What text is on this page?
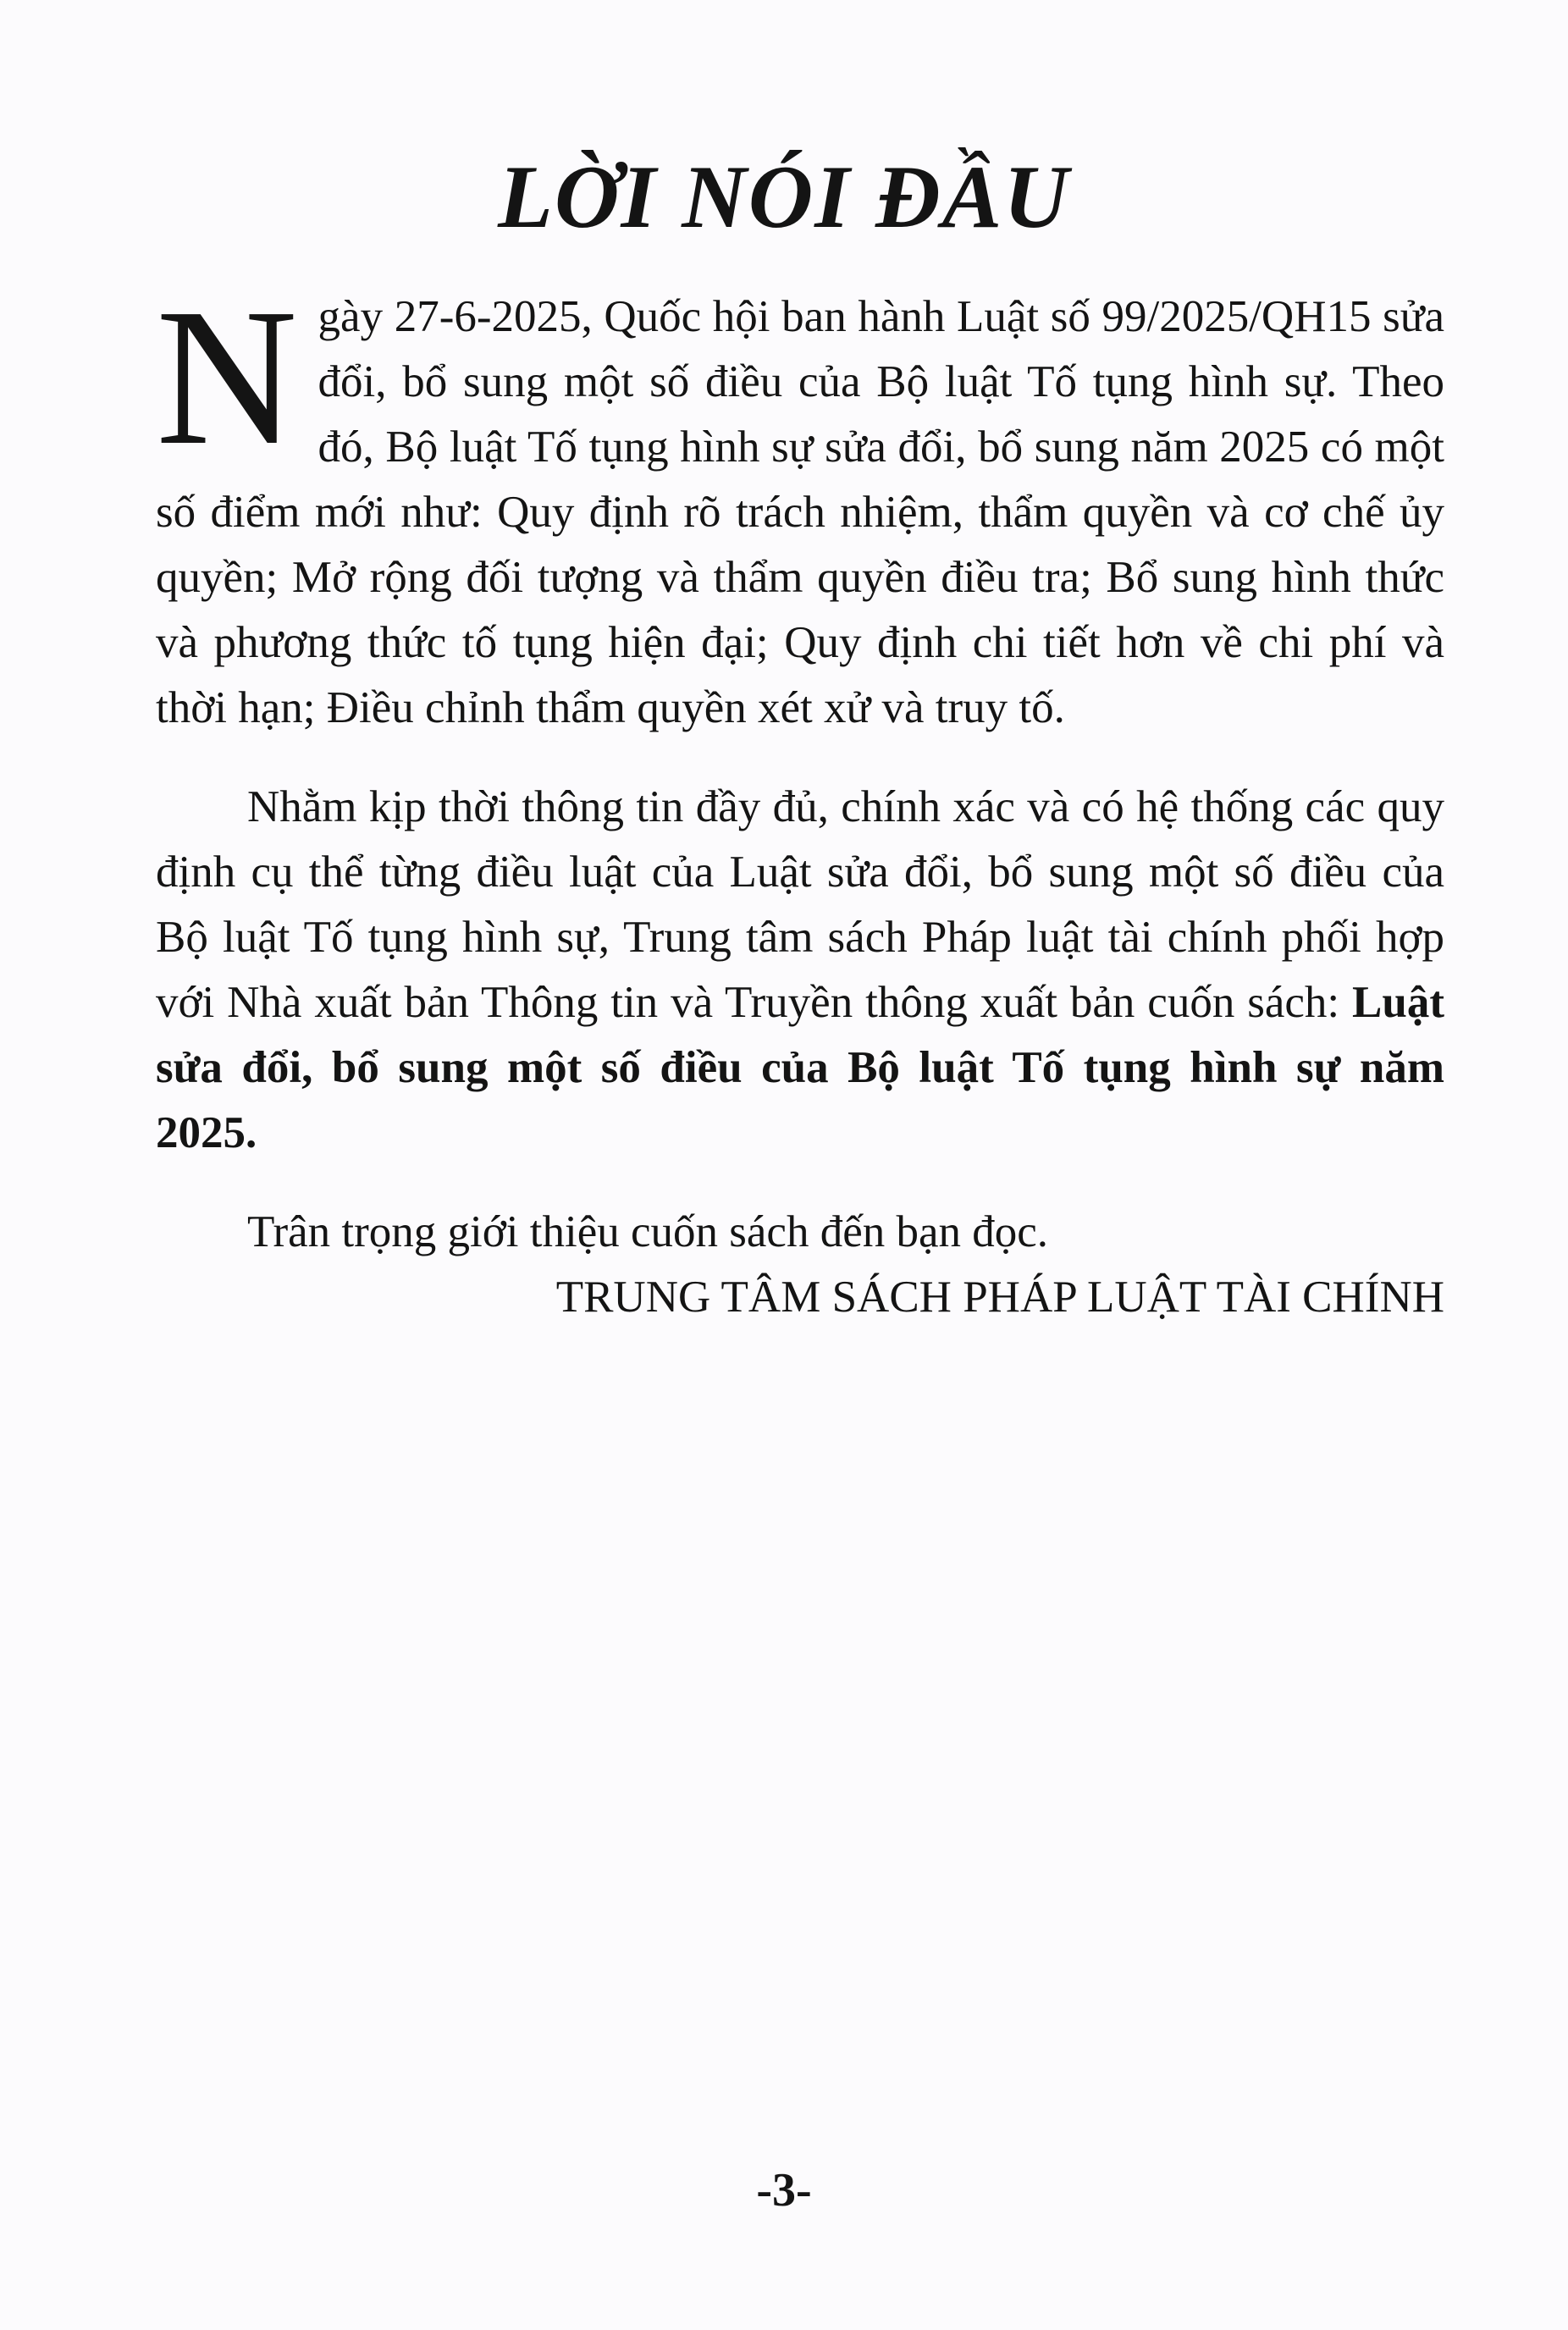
LỜI NÓI ĐẦU

Ngày 27-6-2025, Quốc hội ban hành Luật số 99/2025/QH15 sửa đổi, bổ sung một số điều của Bộ luật Tố tụng hình sự. Theo đó, Bộ luật Tố tụng hình sự sửa đổi, bổ sung năm 2025 có một số điểm mới như: Quy định rõ trách nhiệm, thẩm quyền và cơ chế ủy quyền; Mở rộng đối tượng và thẩm quyền điều tra; Bổ sung hình thức và phương thức tố tụng hiện đại; Quy định chi tiết hơn về chi phí và thời hạn; Điều chỉnh thẩm quyền xét xử và truy tố.

Nhằm kịp thời thông tin đầy đủ, chính xác và có hệ thống các quy định cụ thể từng điều luật của Luật sửa đổi, bổ sung một số điều của Bộ luật Tố tụng hình sự, Trung tâm sách Pháp luật tài chính phối hợp với Nhà xuất bản Thông tin và Truyền thông xuất bản cuốn sách: Luật sửa đổi, bổ sung một số điều của Bộ luật Tố tụng hình sự năm 2025.

Trân trọng giới thiệu cuốn sách đến bạn đọc.

TRUNG TÂM SÁCH PHÁP LUẬT TÀI CHÍNH

-3-
